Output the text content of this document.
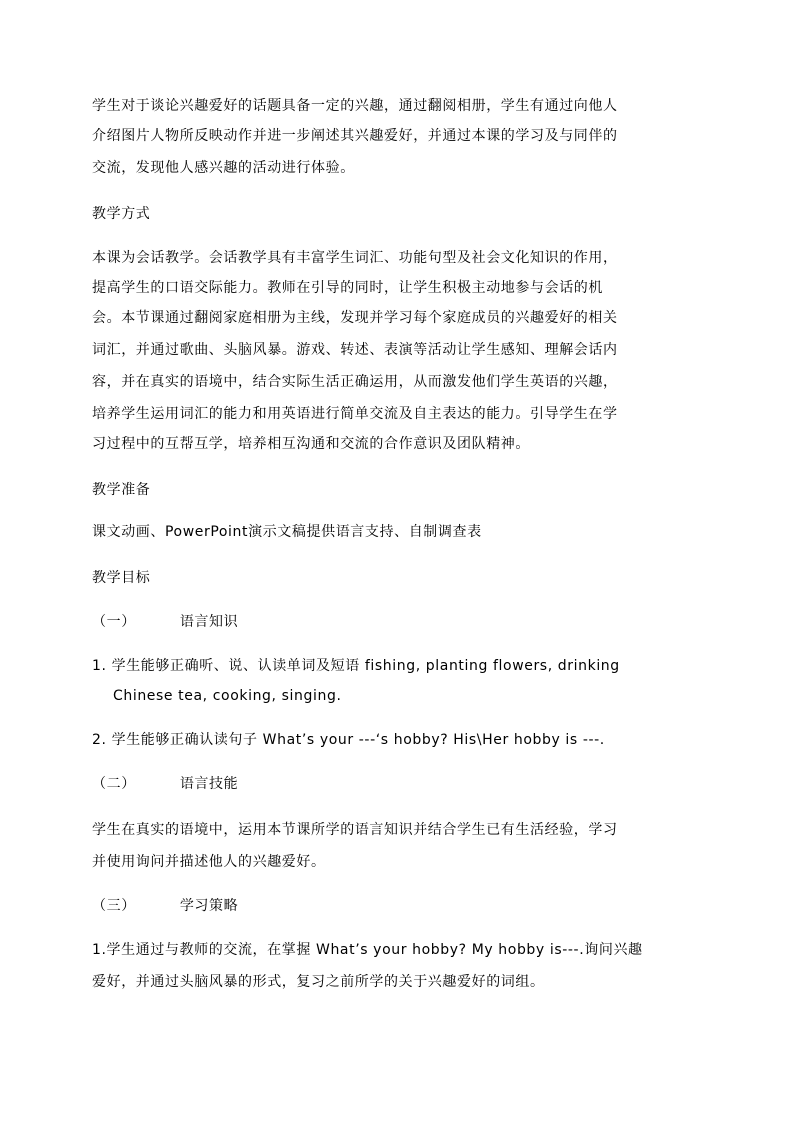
学生对于谈论兴趣爱好的话题具备一定的兴趣，通过翻阅相册，学生有通过向他人
介绍图片人物所反映动作并进一步阐述其兴趣爱好，并通过本课的学习及与同伴的
交流，发现他人感兴趣的活动进行体验。
教学方式
本课为会话教学。会话教学具有丰富学生词汇、功能句型及社会文化知识的作用，
提高学生的口语交际能力。教师在引导的同时，让学生积极主动地参与会话的机
会。本节课通过翻阅家庭相册为主线，发现并学习每个家庭成员的兴趣爱好的相关
词汇，并通过歌曲、头脑风暴。游戏、转述、表演等活动让学生感知、理解会话内
容，并在真实的语境中，结合实际生活正确运用，从而激发他们学生英语的兴趣，
培养学生运用词汇的能力和用英语进行简单交流及自主表达的能力。引导学生在学
习过程中的互帮互学，培养相互沟通和交流的合作意识及团队精神。
教学准备
课文动画、PowerPoint演示文稿提供语言支持、自制调查表
教学目标
（一）	语言知识
1. 学生能够正确听、说、认读单词及短语 fishing, planting flowers, drinking
Chinese tea, cooking, singing.
2. 学生能够正确认读句子 What’s your ---‘s hobby? His\Her hobby is ---.
（二）	语言技能
学生在真实的语境中，运用本节课所学的语言知识并结合学生已有生活经验，学习
并使用询问并描述他人的兴趣爱好。
（三）	学习策略
1.学生通过与教师的交流，在掌握 What’s your hobby? My hobby is---.询问兴趣
爱好，并通过头脑风暴的形式，复习之前所学的关于兴趣爱好的词组。
